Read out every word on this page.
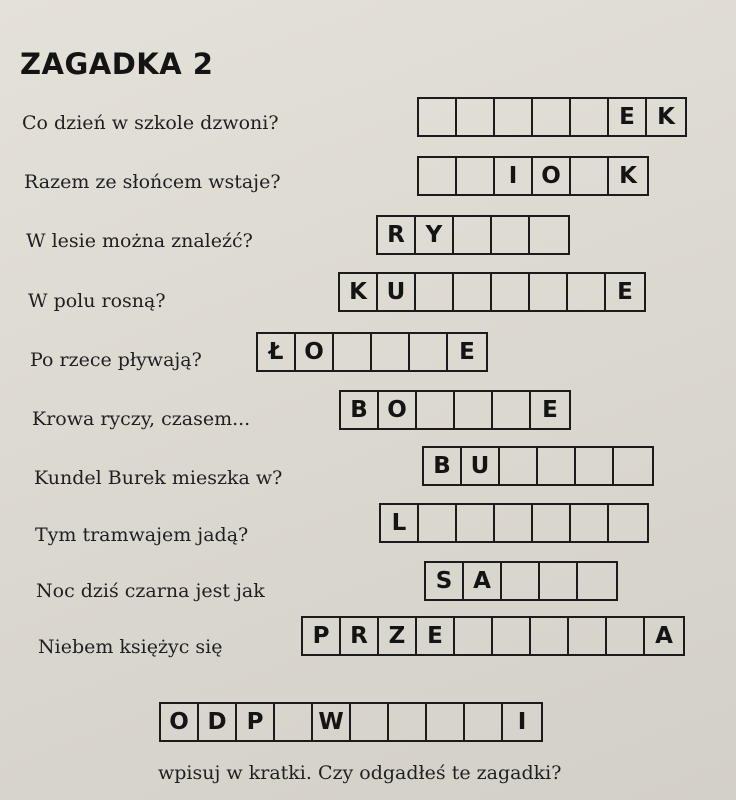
ZAGADKA 2
Co dzień w szkole dzwoni?	E K
Razem ze słońcem wstaje?	I	O	K
W lesie można znaleźć?	R Y
W polu rosną?	K U	E
Po rzece pływają?	Ł O	E
Krowa ryczy, czasem...	B O	E
Kundel Burek mieszka w?	B U
Tym tramwajem jadą?	L
Noc dziś czarna jest jak	S A
Niebem księżyc się	P R Z E	A
O D P	W	I
wpisuj w kratki. Czy odgadłeś te zagadki?
